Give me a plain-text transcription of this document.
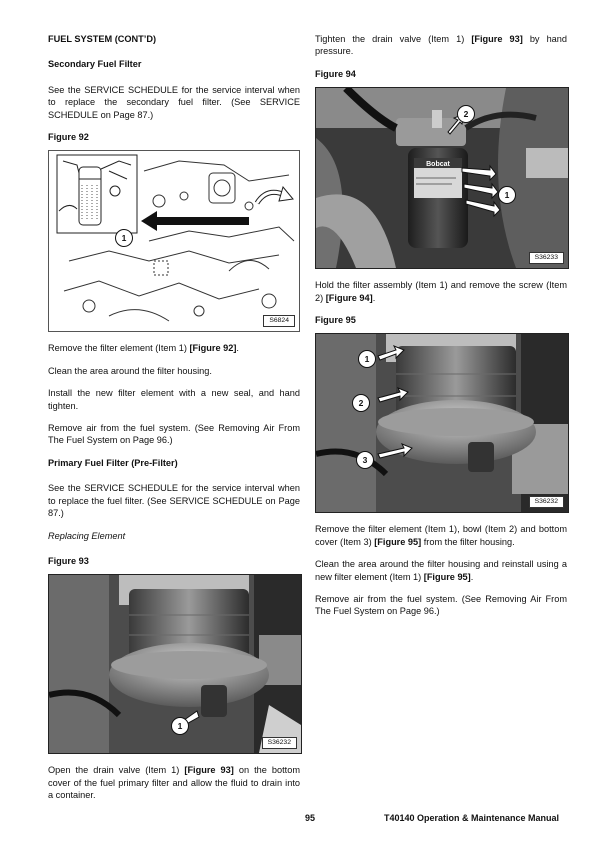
FUEL SYSTEM (CONT’D)
Secondary Fuel Filter

See the SERVICE SCHEDULE for the service interval when to replace the secondary fuel filter. (See SERVICE SCHEDULE on Page 87.)

Figure 92
1
S6824

Remove the filter element (Item 1) [Figure 92].

Clean the area around the filter housing.

Install the new filter element with a new seal, and hand tighten.

Remove air from the fuel system. (See Removing Air From The Fuel System on Page 96.)

Primary Fuel Filter (Pre-Filter)

See the SERVICE SCHEDULE for the service interval when to replace the fuel filter. (See SERVICE SCHEDULE on Page 87.)

Replacing Element
Figure 93
1
S36232

Open the drain valve (Item 1) [Figure 93] on the bottom cover of the fuel primary filter and allow the fluid to drain into a container.

Tighten the drain valve (Item 1) [Figure 93] by hand pressure.

Figure 94
Bobcat
2
1
S36233

Hold the filter assembly (Item 1) and remove the screw (Item 2) [Figure 94].

Figure 95
1
2
3
S36232

Remove the filter element (Item 1), bowl (Item 2) and bottom cover (Item 3) [Figure 95] from the filter housing.

Clean the area around the filter housing and reinstall using a new filter element (Item 1) [Figure 95].

Remove air from the fuel system. (See Removing Air From The Fuel System on Page 96.)

95	T40140 Operation & Maintenance Manual
